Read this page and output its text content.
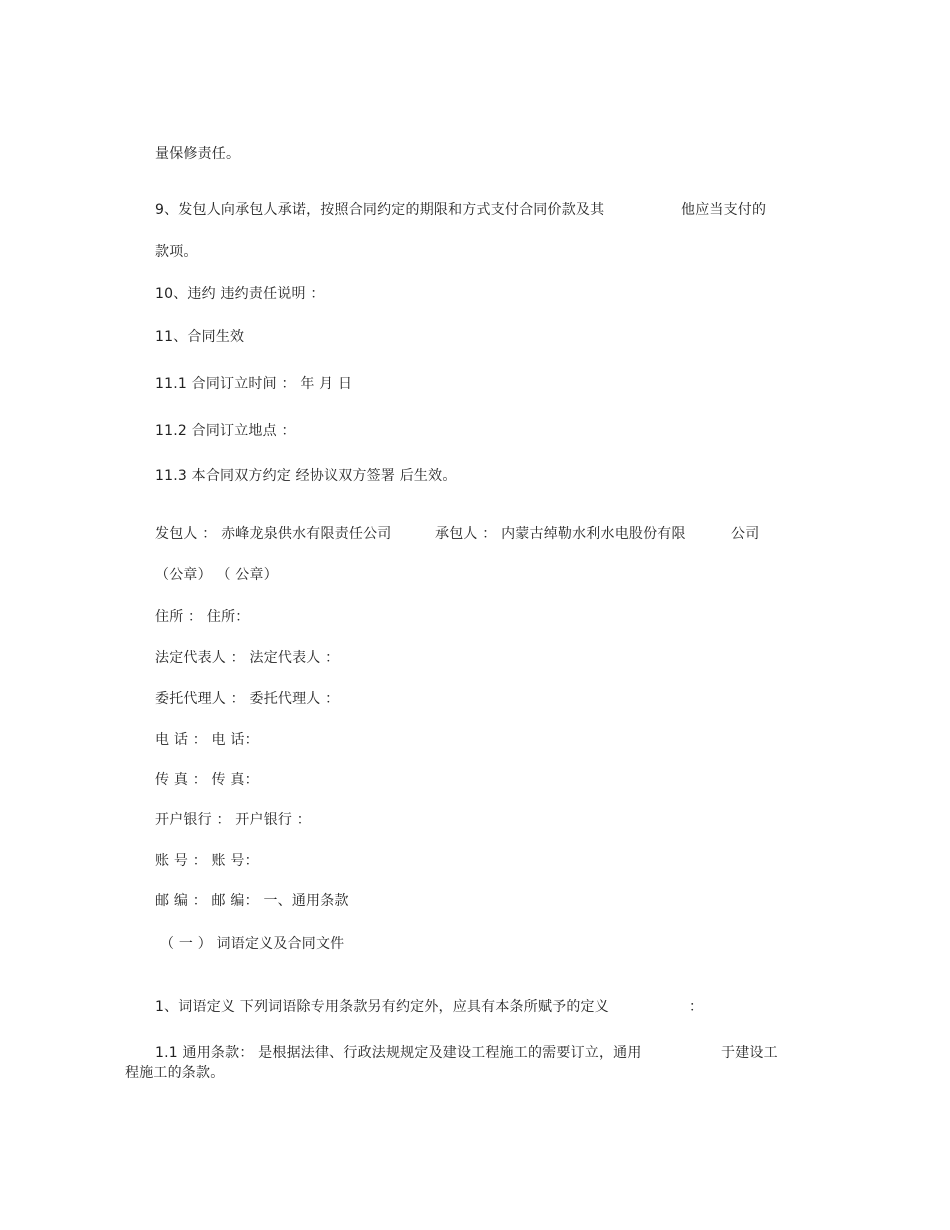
量保修责任。
9、发包人向承包人承诺，按照合同约定的期限和方式支付合同价款及其	他应当支付的
款项。
10、违约 违约责任说明 ：
11、合同生效
11.1 合同订立时间 ： 年 月 日
11.2 合同订立地点 ：
11.3 本合同双方约定 经协议双方签署 后生效。
发包人 ： 赤峰龙泉供水有限责任公司	承包人 ： 内蒙古绰勒水利水电股份有限	公司
（公章） （ 公章）
住所 ： 住所：
法定代表人 ： 法定代表人 ：
委托代理人 ： 委托代理人 ：
电 话 ： 电 话：
传 真 ： 传 真：
开户银行 ： 开户银行 ：
账 号 ： 账 号：
邮 编 ： 邮 编： 一、通用条款
（ 一 ） 词语定义及合同文件
1、词语定义 下列词语除专用条款另有约定外，应具有本条所赋予的定义	：
1.1 通用条款： 是根据法律、行政法规规定及建设工程施工的需要订立，通用	于建设工
程施工的条款。
